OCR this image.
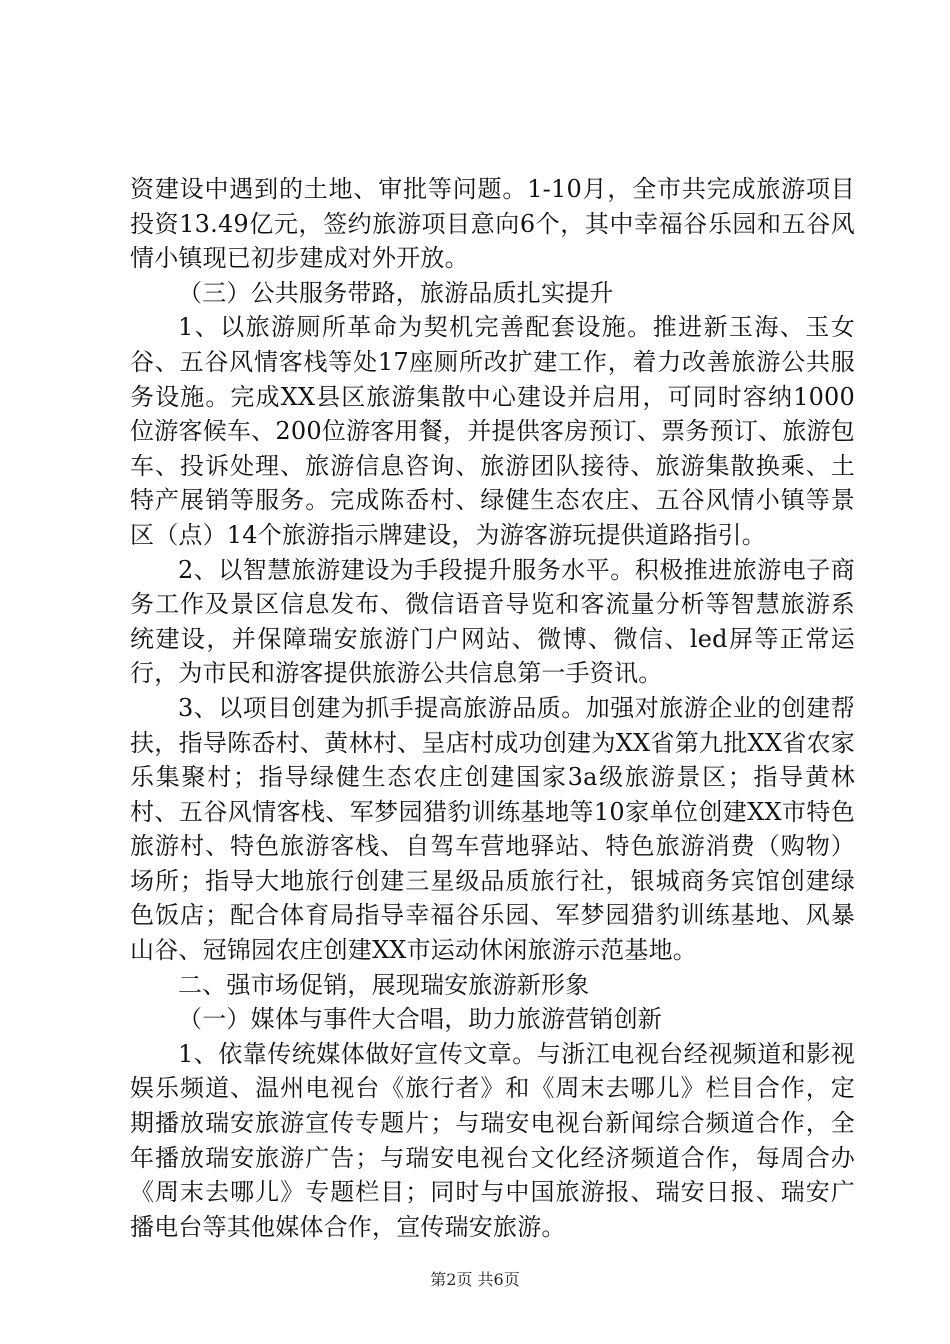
资建设中遇到的土地、审批等问题。1-10月，全市共完成旅游项目投资13.49亿元，签约旅游项目意向6个，其中幸福谷乐园和五谷风情小镇现已初步建成对外开放。

（三）公共服务带路，旅游品质扎实提升

1、以旅游厕所革命为契机完善配套设施。推进新玉海、玉女谷、五谷风情客栈等处17座厕所改扩建工作，着力改善旅游公共服务设施。完成XX县区旅游集散中心建设并启用，可同时容纳1000位游客候车、200位游客用餐，并提供客房预订、票务预订、旅游包车、投诉处理、旅游信息咨询、旅游团队接待、旅游集散换乘、土特产展销等服务。完成陈岙村、绿健生态农庄、五谷风情小镇等景区（点）14个旅游指示牌建设，为游客游玩提供道路指引。

2、以智慧旅游建设为手段提升服务水平。积极推进旅游电子商务工作及景区信息发布、微信语音导览和客流量分析等智慧旅游系统建设，并保障瑞安旅游门户网站、微博、微信、led屏等正常运行，为市民和游客提供旅游公共信息第一手资讯。

3、以项目创建为抓手提高旅游品质。加强对旅游企业的创建帮扶，指导陈岙村、黄林村、呈店村成功创建为XX省第九批XX省农家乐集聚村；指导绿健生态农庄创建国家3a级旅游景区；指导黄林村、五谷风情客栈、军梦园猎豹训练基地等10家单位创建XX市特色旅游村、特色旅游客栈、自驾车营地驿站、特色旅游消费（购物）场所；指导大地旅行创建三星级品质旅行社，银城商务宾馆创建绿色饭店；配合体育局指导幸福谷乐园、军梦园猎豹训练基地、风暴山谷、冠锦园农庄创建XX市运动休闲旅游示范基地。

二、强市场促销，展现瑞安旅游新形象

（一）媒体与事件大合唱，助力旅游营销创新

1、依靠传统媒体做好宣传文章。与浙江电视台经视频道和影视娱乐频道、温州电视台《旅行者》和《周末去哪儿》栏目合作，定期播放瑞安旅游宣传专题片；与瑞安电视台新闻综合频道合作，全年播放瑞安旅游广告；与瑞安电视台文化经济频道合作，每周合办《周末去哪儿》专题栏目；同时与中国旅游报、瑞安日报、瑞安广播电台等其他媒体合作，宣传瑞安旅游。

第2页 共6页
